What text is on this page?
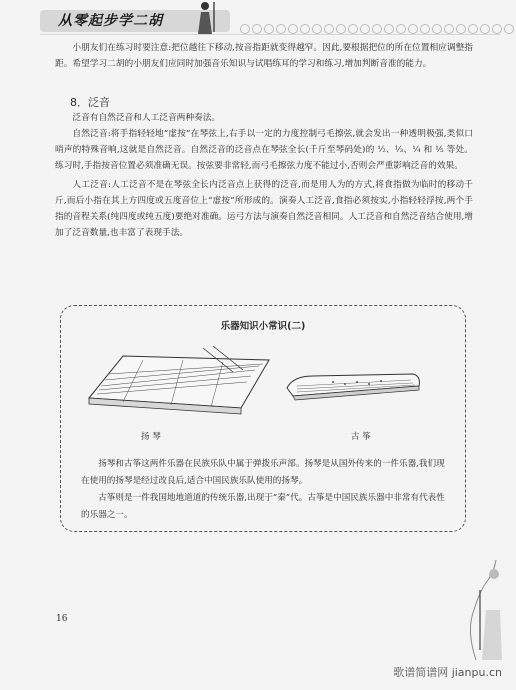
从零起步学二胡

小朋友们在练习时要注意:把位越往下移动,按音指距就变得越窄。因此,要根据把位的所在位置相应调整指距。希望学习二胡的小朋友们应同时加强音乐知识与试唱练耳的学习和练习,增加判断音准的能力。

8．泛音

泛音有自然泛音和人工泛音两种奏法。

自然泛音:将手指轻轻地“虚按”在琴弦上,右手以一定的力度控制弓毛擦弦,就会发出一种透明极强,类似口哨声的特殊音响,这就是自然泛音。自然泛音的泛音点在琴弦全长(千斤至琴码处)的 ½、⅓、¼ 和 ⅕ 等处。练习时,手指按音位置必须准确无误。按弦要非常轻,而弓毛擦弦力度不能过小,否则会严重影响泛音的效果。

人工泛音:人工泛音不是在琴弦全长内泛音点上获得的泛音,而是用人为的方式,将食指做为临时的移动千斤,而后小指在其上方四度或五度音位上“虚按”所形成的。演奏人工泛音,食指必须按实,小指轻轻浮按,两个手指的音程关系(纯四度或纯五度)要绝对准确。运弓方法与演奏自然泛音相同。人工泛音和自然泛音结合使用,增加了泛音数量,也丰富了表现手法。

乐器知识小常识(二)
扬 琴	古 筝

扬琴和古筝这两件乐器在民族乐队中属于弹拨乐声部。扬琴是从国外传来的一件乐器,我们现在使用的扬琴是经过改良后,适合中国民族乐队使用的扬琴。

古筝则是一件我国地地道道的传统乐器,出现于“秦”代。古筝是中国民族乐器中非常有代表性的乐器之一。

16
歌谱简谱网 jianpu.cn
